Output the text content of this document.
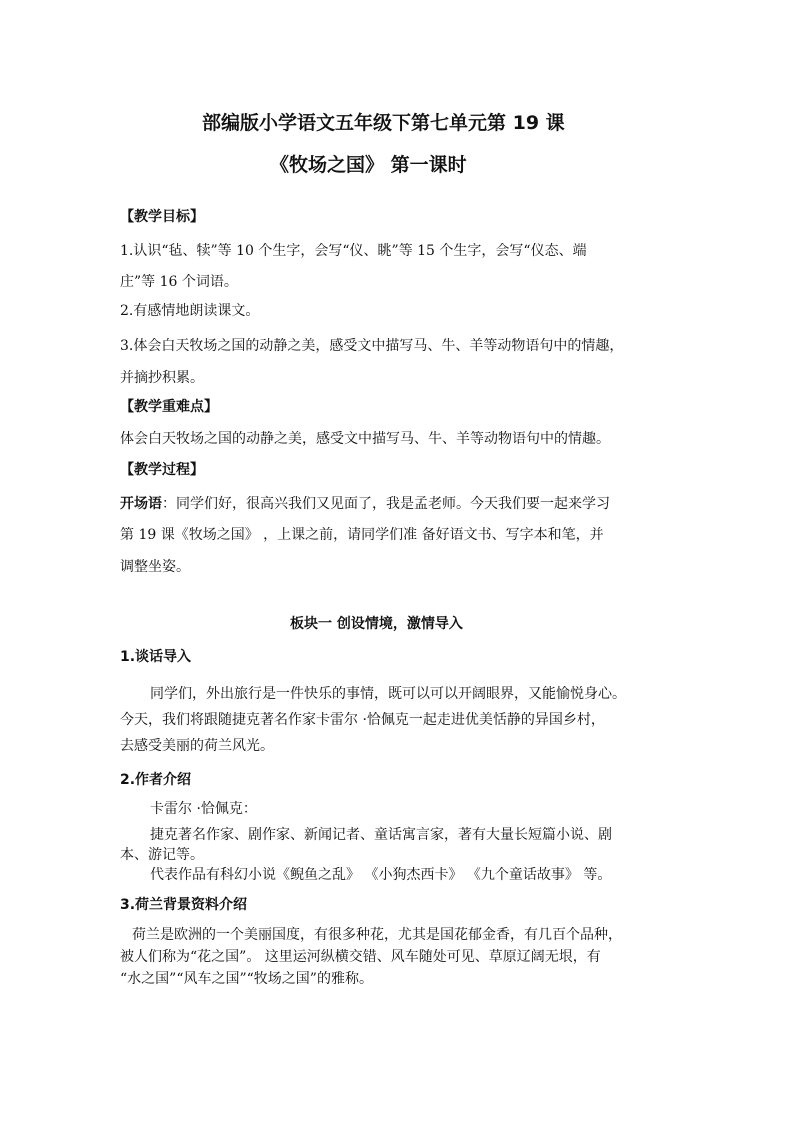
部编版小学语文五年级下第七单元第 19 课
《牧场之国》 第一课时
【教学目标】
1.认识“毡、犊”等 10 个生字，会写“仪、眺”等 15 个生字，会写“仪态、端
庄”等 16 个词语。
2.有感情地朗读课文。
3.体会白天牧场之国的动静之美，感受文中描写马、牛、羊等动物语句中的情趣，
并摘抄积累。
【教学重难点】
体会白天牧场之国的动静之美，感受文中描写马、牛、羊等动物语句中的情趣。
【教学过程】
开场语：同学们好，很高兴我们又见面了，我是孟老师。今天我们要一起来学习
第 19 课《牧场之国》 ，上课之前，请同学们准 备好语文书、写字本和笔，并
调整坐姿。
板块一 创设情境，激情导入
1.谈话导入
同学们，外出旅行是一件快乐的事情，既可以可以开阔眼界，又能愉悦身心。
今天，我们将跟随捷克著名作家卡雷尔 ·恰佩克一起走进优美恬静的异国乡村，
去感受美丽的荷兰风光。
2.作者介绍
卡雷尔 ·恰佩克：
捷克著名作家、剧作家、新闻记者、童话寓言家，著有大量长短篇小说、剧
本、游记等。
代表作品有科幻小说《鲵鱼之乱》 《小狗杰西卡》 《九个童话故事》 等。
3.荷兰背景资料介绍
荷兰是欧洲的一个美丽国度，有很多种花，尤其是国花郁金香，有几百个品种，
被人们称为“花之国”。 这里运河纵横交错、风车随处可见、草原辽阔无垠，有
“水之国”“风车之国”“牧场之国”的雅称。
